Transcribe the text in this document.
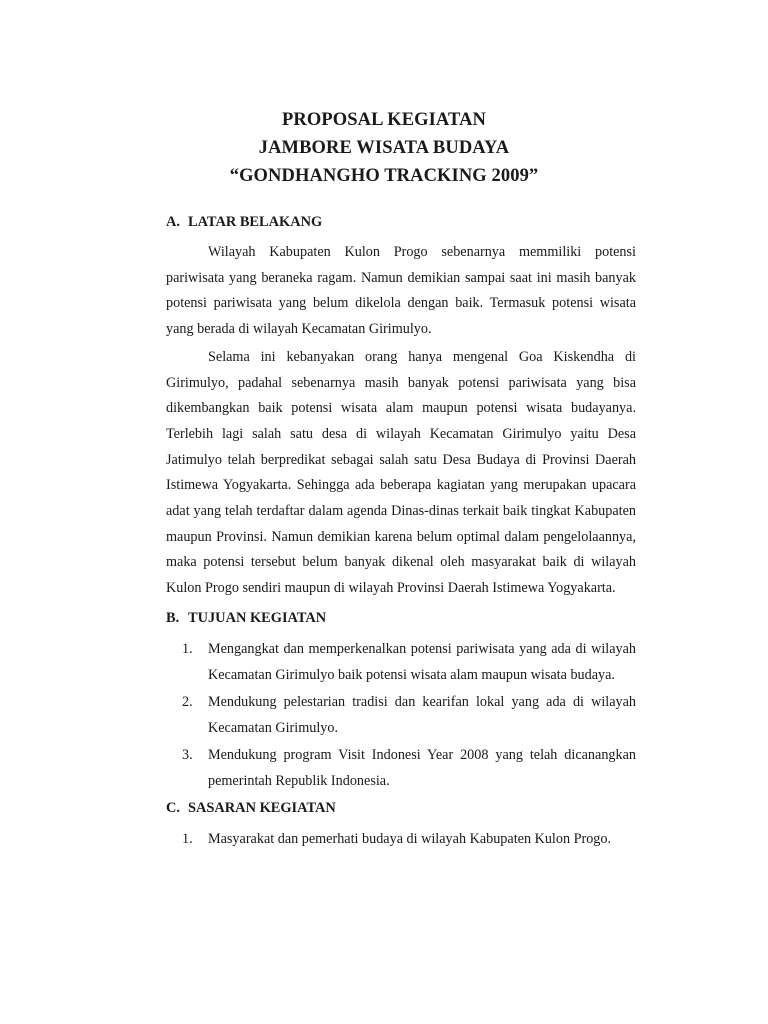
PROPOSAL KEGIATAN
JAMBORE WISATA BUDAYA
“GONDHANGHO TRACKING 2009”
A. LATAR BELAKANG

Wilayah Kabupaten Kulon Progo sebenarnya memmiliki potensi pariwisata yang beraneka ragam. Namun demikian sampai saat ini masih banyak potensi pariwisata yang belum dikelola dengan baik. Termasuk potensi wisata yang berada di wilayah Kecamatan Girimulyo.

Selama ini kebanyakan orang hanya mengenal Goa Kiskendha di Girimulyo, padahal sebenarnya masih banyak potensi pariwisata yang bisa dikembangkan baik potensi wisata alam maupun potensi wisata budayanya. Terlebih lagi salah satu desa di wilayah Kecamatan Girimulyo yaitu Desa Jatimulyo telah berpredikat sebagai salah satu Desa Budaya di Provinsi Daerah Istimewa Yogyakarta. Sehingga ada beberapa kagiatan yang merupakan upacara adat yang telah terdaftar dalam agenda Dinas-dinas terkait baik tingkat Kabupaten maupun Provinsi. Namun demikian karena belum optimal dalam pengelolaannya, maka potensi tersebut belum banyak dikenal oleh masyarakat baik di wilayah Kulon Progo sendiri maupun di wilayah Provinsi Daerah Istimewa Yogyakarta.

B. TUJUAN KEGIATAN
1.	Mengangkat dan memperkenalkan potensi pariwisata yang ada di wilayah Kecamatan Girimulyo baik potensi wisata alam maupun wisata budaya.
2.	Mendukung pelestarian tradisi dan kearifan lokal yang ada di wilayah Kecamatan Girimulyo.
3.	Mendukung program Visit Indonesi Year 2008 yang telah dicanangkan pemerintah Republik Indonesia.
C. SASARAN KEGIATAN
1.	Masyarakat dan pemerhati budaya di wilayah Kabupaten Kulon Progo.
